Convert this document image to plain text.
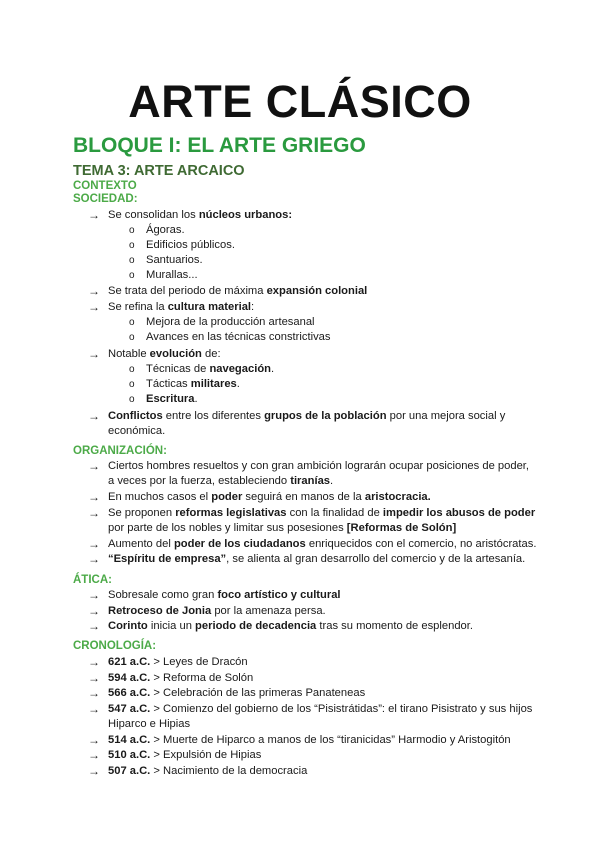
ARTE CLÁSICO
BLOQUE I: EL ARTE GRIEGO
TEMA 3: ARTE ARCAICO
CONTEXTO
SOCIEDAD:
→ Se consolidan los núcleos urbanos:
o Ágoras.
o Edificios públicos.
o Santuarios.
o Murallas...
→ Se trata del periodo de máxima expansión colonial
→ Se refina la cultura material:
o Mejora de la producción artesanal
o Avances en las técnicas constrictivas
→ Notable evolución de:
o Técnicas de navegación.
o Tácticas militares.
o Escritura.
→ Conflictos entre los diferentes grupos de la población por una mejora social y
económica.
ORGANIZACIÓN:
→ Ciertos hombres resueltos y con gran ambición lograrán ocupar posiciones de poder,
a veces por la fuerza, estableciendo tiranías.
→ En muchos casos el poder seguirá en manos de la aristocracia.
→ Se proponen reformas legislativas con la finalidad de impedir los abusos de poder
por parte de los nobles y limitar sus posesiones [Reformas de Solón]
→ Aumento del poder de los ciudadanos enriquecidos con el comercio, no aristócratas.
→ “Espíritu de empresa”, se alienta al gran desarrollo del comercio y de la artesanía.
ÁTICA:
→ Sobresale como gran foco artístico y cultural
→ Retroceso de Jonia por la amenaza persa.
→ Corinto inicia un periodo de decadencia tras su momento de esplendor.
CRONOLOGÍA:
→ 621 a.C. > Leyes de Dracón
→ 594 a.C. > Reforma de Solón
→ 566 a.C. > Celebración de las primeras Panateneas
→ 547 a.C. > Comienzo del gobierno de los “Pisistrátidas”: el tirano Pisistrato y sus hijos
Hiparco e Hipias
→ 514 a.C. > Muerte de Hiparco a manos de los “tiranicidas” Harmodio y Aristogitón
→ 510 a.C. > Expulsión de Hipias
→ 507 a.C. > Nacimiento de la democracia
